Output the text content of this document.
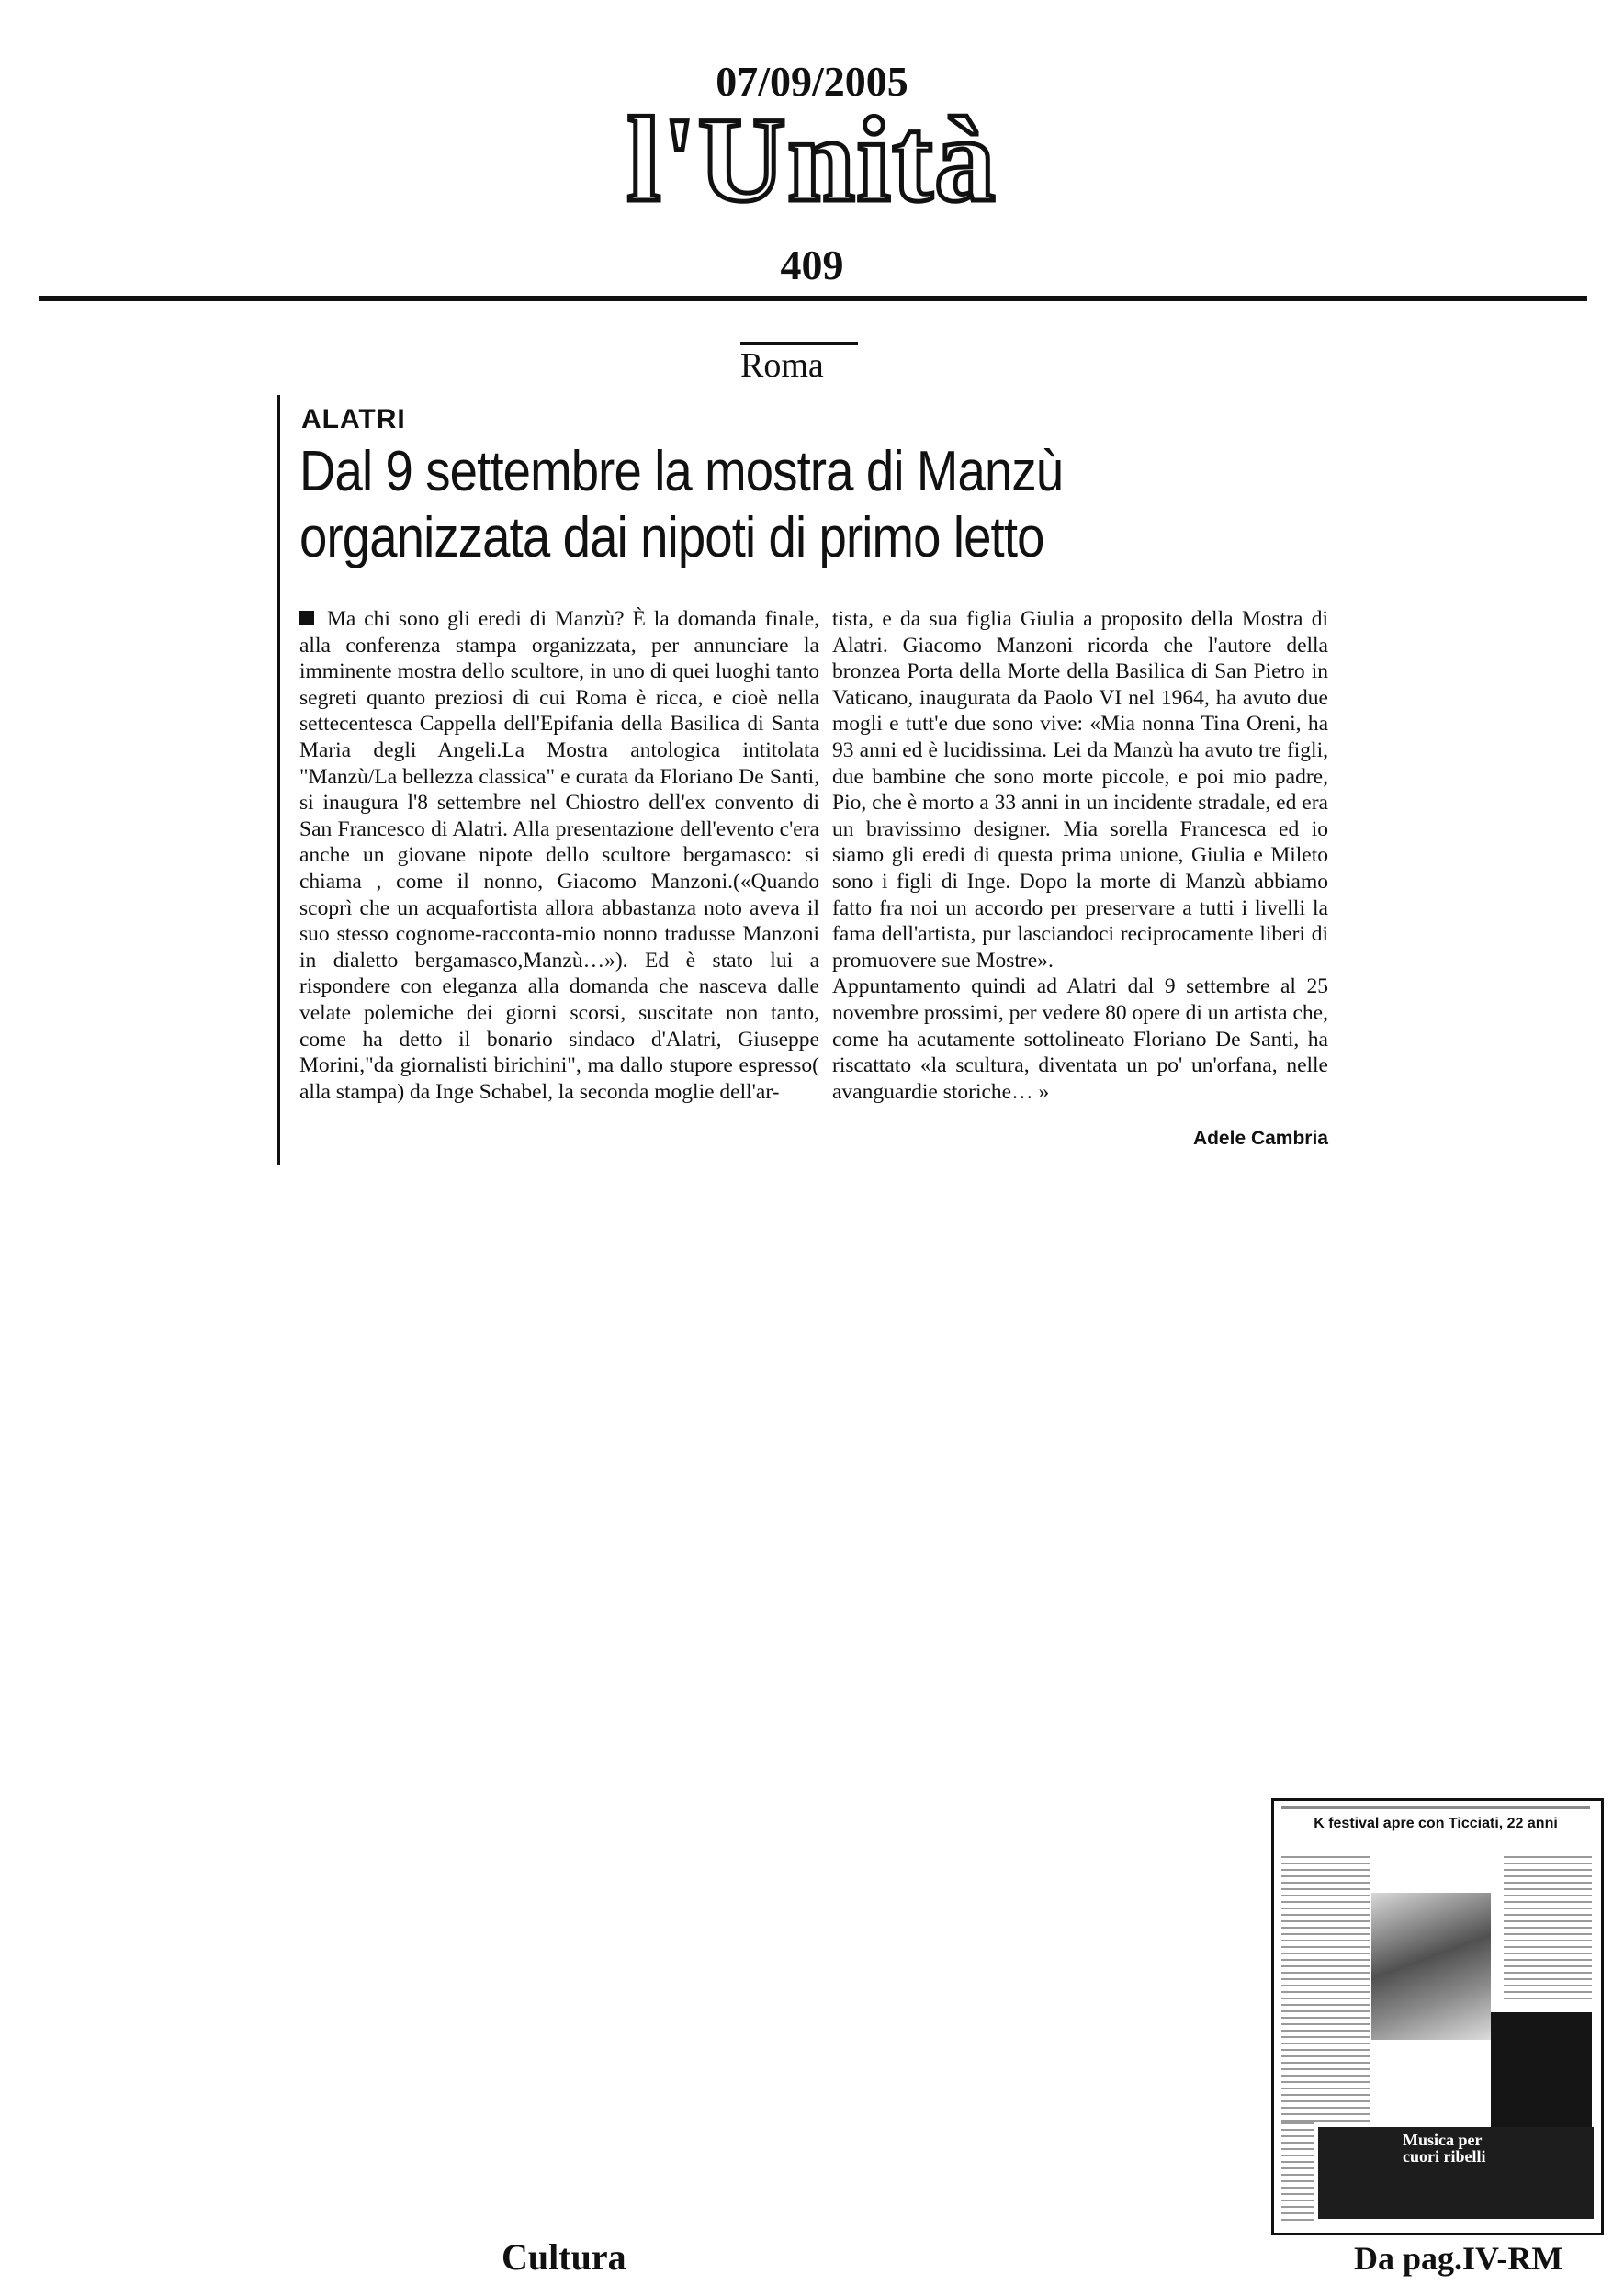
07/09/2005
l'Unità
409
Roma
ALATRI
Dal 9 settembre la mostra di Manzù organizzata dai nipoti di primo letto
Ma chi sono gli eredi di Manzù? È la domanda finale, alla conferenza stampa organizzata, per annunciare la imminente mostra dello scultore, in uno di quei luoghi tanto segreti quanto preziosi di cui Roma è ricca, e cioè nella settecentesca Cappella dell'Epifania della Basilica di Santa Maria degli Angeli.La Mostra antologica intitolata "Manzù/La bellezza classica" e curata da Floriano De Santi, si inaugura l'8 settembre nel Chiostro dell'ex convento di San Francesco di Alatri. Alla presentazione dell'evento c'era anche un giovane nipote dello scultore bergamasco: si chiama , come il nonno, Giacomo Manzoni.(«Quando scoprì che un acquafortista allora abbastanza noto aveva il suo stesso cognome-racconta-mio nonno tradusse Manzoni in dialetto bergamasco,Manzù…»). Ed è stato lui a rispondere con eleganza alla domanda che nasceva dalle velate polemiche dei giorni scorsi, suscitate non tanto, come ha detto il bonario sindaco d'Alatri, Giuseppe Morini,"da giornalisti birichini", ma dallo stupore espresso( alla stampa) da Inge Schabel, la seconda moglie dell'ar-
tista, e da sua figlia Giulia a proposito della Mostra di Alatri. Giacomo Manzoni ricorda che l'autore della bronzea Porta della Morte della Basilica di San Pietro in Vaticano, inaugurata da Paolo VI nel 1964, ha avuto due mogli e tutt'e due sono vive: «Mia nonna Tina Oreni, ha 93 anni ed è lucidissima. Lei da Manzù ha avuto tre figli, due bambine che sono morte piccole, e poi mio padre, Pio, che è morto a 33 anni in un incidente stradale, ed era un bravissimo designer. Mia sorella Francesca ed io siamo gli eredi di questa prima unione, Giulia e Mileto sono i figli di Inge. Dopo la morte di Manzù abbiamo fatto fra noi un accordo per preservare a tutti i livelli la fama dell'artista, pur lasciandoci reciprocamente liberi di promuovere sue Mostre».
Appuntamento quindi ad Alatri dal 9 settembre al 25 novembre prossimi, per vedere 80 opere di un artista che, come ha acutamente sottolineato Floriano De Santi, ha riscattato «la scultura, diventata un po' un'orfana, nelle avanguardie storiche… »
Adele Cambria
K festival apre con Ticciati, 22 anni
Musica per cuori ribelli
Cultura	Da pag.IV-RM
